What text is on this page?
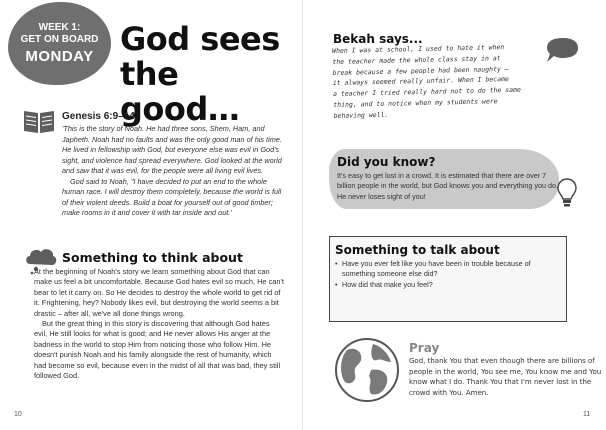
WEEK 1:
GET ON BOARD
MONDAY God sees
the good…
Genesis 6:9–14

'This is the story of Noah. He had three sons, Shem, Ham, and Japheth. Noah had no faults and was the only good man of his time. He lived in fellowship with God, but everyone else was evil in God's sight, and violence had spread everywhere. God looked at the world and saw that it was evil, for the people were all living evil lives.

God said to Noah, "I have decided to put an end to the whole human race. I will destroy them completely, because the world is full of their violent deeds. Build a boat for yourself out of good timber; make rooms in it and cover it with tar inside and out.'

Something to think about

At the beginning of Noah's story we learn something about God that can make us feel a bit uncomfortable. Because God hates evil so much, He can't bear to let it carry on. So He decides to destroy the whole world to get rid of it. Frightening, hey? Nobody likes evil, but destroying the world seems a bit drastic – after all, we've all done things wrong.

But the great thing in this story is discovering that although God hates evil, He still looks for what is good; and He never allows His anger at the badness in the world to stop Him from noticing those who follow Him. He doesn't punish Noah and his family alongside the rest of humanity, which had become so evil, because even in the midst of all that was bad, they still followed God.

10
Bekah says...
When I was at school, I used to hate it when
the teacher made the whole class stay in at
break because a few people had been naughty –
it always seemed really unfair. When I became
a teacher I tried really hard not to do the same
thing, and to notice when my students were
behaving well.
Did you know?
It's easy to get lost in a crowd. It is estimated that there are over 7 billion people in the world, but God knows you and everything you do. He never loses sight of you!
Something to talk about
• Have you ever felt like you have been in trouble because of something someone else did?
• How did that make you feel?
Pray
God, thank You that even though there are billions of people in the world, You see me, You know me and You know what I do. Thank You that I'm never lost in the crowd with You. Amen.
11
